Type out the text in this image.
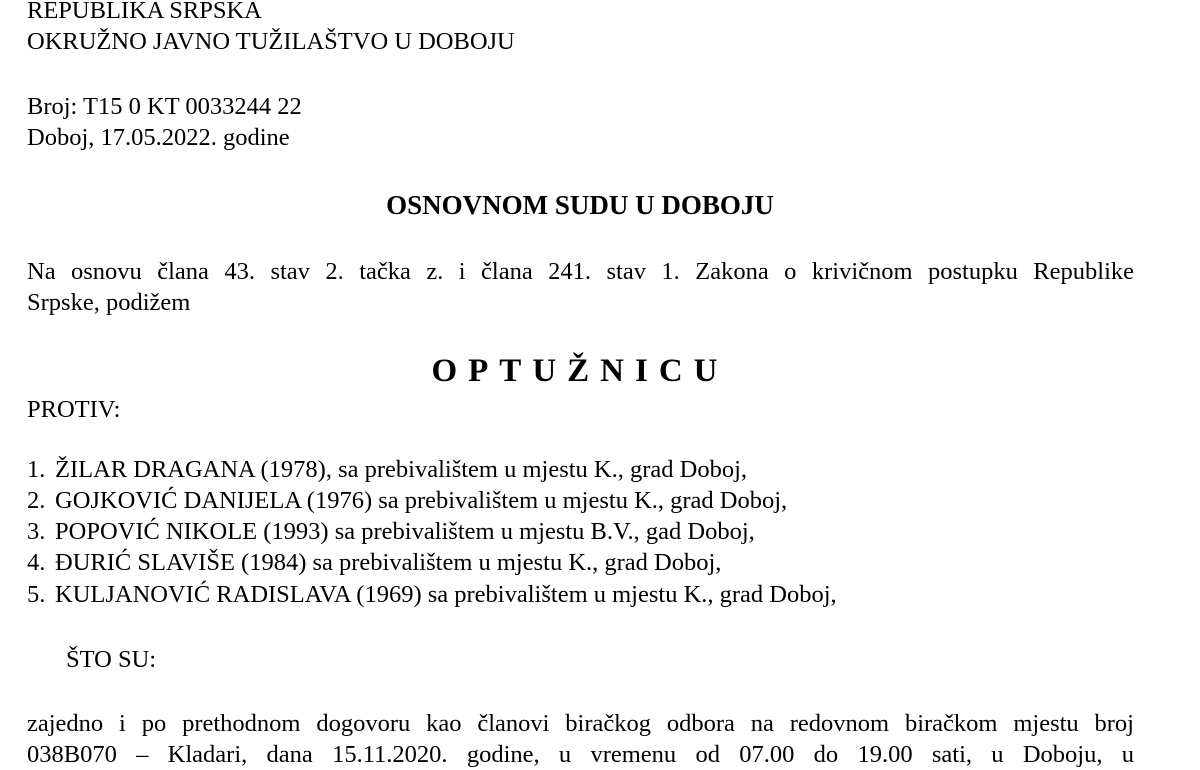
REPUBLIKA SRPSKA
OKRUŽNO JAVNO TUŽILAŠTVO U DOBOJU
Broj: T15 0 KT 0033244 22
Doboj, 17.05.2022. godine
OSNOVNOM SUDU U DOBOJU
Na osnovu člana 43. stav 2. tačka z. i člana 241. stav 1. Zakona o krivičnom postupku Republike
Srpske, podižem
OPTUŽNICU
PROTIV:
1. ŽILAR DRAGANA (1978), sa prebivalištem u mjestu K., grad Doboj,
2. GOJKOVIĆ DANIJELA (1976) sa prebivalištem u mjestu K., grad Doboj,
3. POPOVIĆ NIKOLE (1993) sa prebivalištem u mjestu B.V., gad Doboj,
4. ĐURIĆ SLAVIŠE (1984) sa prebivalištem u mjestu K., grad Doboj,
5. KULJANOVIĆ RADISLAVA (1969) sa prebivalištem u mjestu K., grad Doboj,
ŠTO SU:
zajedno i po prethodnom dogovoru kao članovi biračkog odbora na redovnom biračkom mjestu broj
038B070 – Kladari, dana 15.11.2020. godine, u vremenu od 07.00 do 19.00 sati, u Doboju, u
